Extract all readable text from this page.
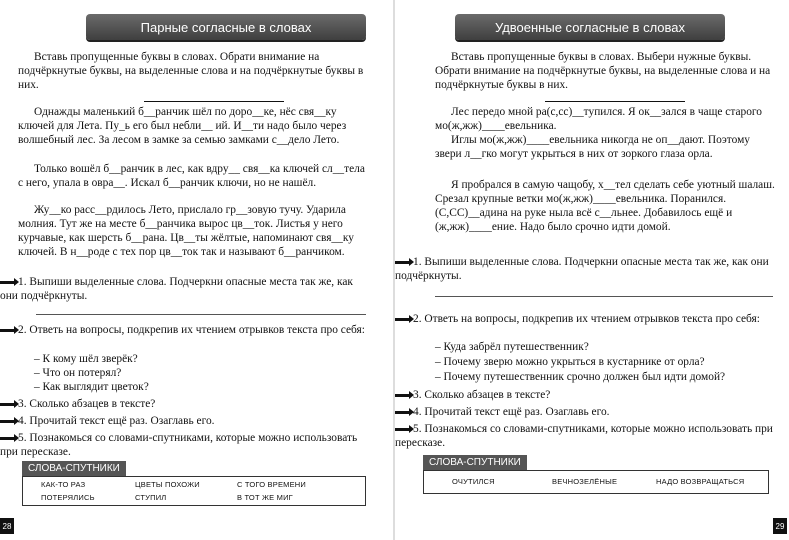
Парные согласные в словах
Вставь пропущенные буквы в словах. Обрати внимание на подчёркнутые буквы, на выделенные слова и на подчёркнутые буквы в них.
Однажды маленький б__ранчик шёл по доро__ке, нёс свя__ку ключей для Лета. Пу_ь его был небли__ ий. И__ти надо было через волшебный лес. За лесом в замке за семью замками с__дело Лето.
Только вошёл б__ранчик в лес, как вдру__ свя__ка ключей сл__тела с него, упала в овра__. Искал б__ранчик ключи, но не нашёл.
Жу__ко расс__рдилось Лето, прислало гр__зовую тучу. Ударила молния. Тут же на месте б__ранчика вырос цв__ток. Листья у него курчавые, как шерсть б__рана. Цв__ты жёлтые, напоминают свя__ку ключей. В н__роде с тех пор цв__ток так и называют б__ранчиком.
1. Выпиши выделенные слова. Подчеркни опасные места так же, как они подчёркнуты.
2. Ответь на вопросы, подкрепив их чтением отрывков текста про себя:
– К кому шёл зверёк?
– Что он потерял?
– Как выглядит цветок?
3. Сколько абзацев в тексте?
4. Прочитай текст ещё раз. Озаглавь его.
5. Познакомься со словами-спутниками, которые можно использовать при пересказе.
СЛОВА-СПУТНИКИ
КАК-ТО РАЗ	ЦВЕТЫ ПОХОЖИ	С ТОГО ВРЕМЕНИ
ПОТЕРЯЛИСЬ	СТУПИЛ	В ТОТ ЖЕ МИГ
28
Удвоенные согласные в словах
Вставь пропущенные буквы в словах. Выбери нужные буквы. Обрати внимание на подчёркнутые буквы, на выделенные слова и на подчёркнутые буквы в них.
Лес передо мной ра(с,сс)__тупился. Я ок__зался в чаще старого мо(ж,жж)____евельника.
Иглы мо(ж,жж)____евельника никогда не оп__дают. Поэтому звери л__гко могут укрыться в них от зоркого глаза орла.
Я пробрался в самую чащобу, х__тел сделать себе уютный шалаш. Срезал крупные ветки мо(ж,жж)____евельника. Поранился. (С,СС)__адина на руке ныла всё с__льнее. Добавилось ещё и (ж,жж)____ение. Надо было срочно идти домой.
1. Выпиши выделенные слова. Подчеркни опасные места так же, как они подчёркнуты.
2. Ответь на вопросы, подкрепив их чтением отрывков текста про себя:
– Куда забрёл путешественник?
– Почему зверю можно укрыться в кустарнике от орла?
– Почему путешественник срочно должен был идти домой?
3. Сколько абзацев в тексте?
4. Прочитай текст ещё раз. Озаглавь его.
5. Познакомься со словами-спутниками, которые можно использовать при пересказе.
СЛОВА-СПУТНИКИ
ОЧУТИЛСЯ	ВЕЧНОЗЕЛЁНЫЕ	НАДО ВОЗВРАЩАТЬСЯ
29
